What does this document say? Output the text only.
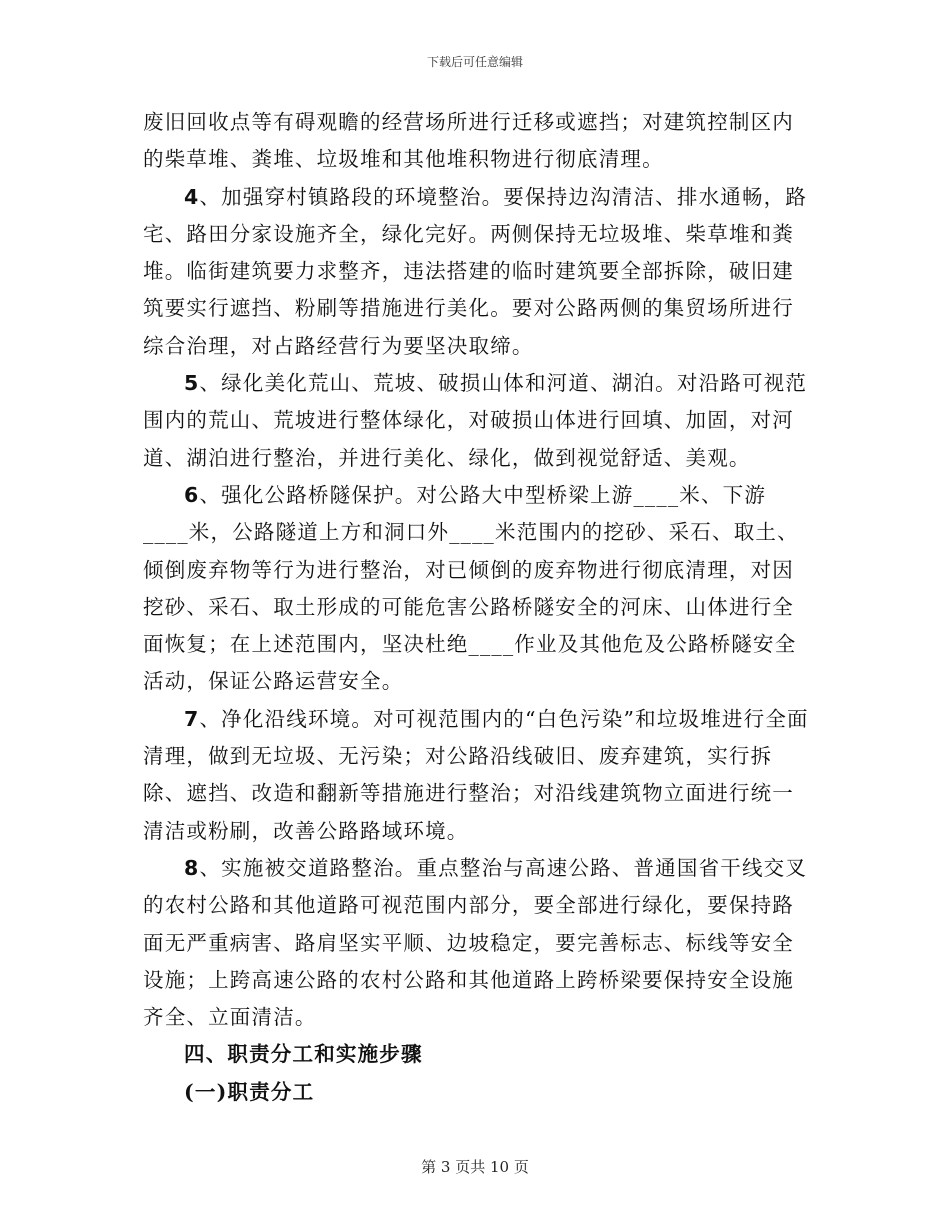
下载后可任意编辑

废旧回收点等有碍观瞻的经营场所进行迁移或遮挡；对建筑控制区内的柴草堆、粪堆、垃圾堆和其他堆积物进行彻底清理。

4、加强穿村镇路段的环境整治。要保持边沟清洁、排水通畅，路宅、路田分家设施齐全，绿化完好。两侧保持无垃圾堆、柴草堆和粪堆。临街建筑要力求整齐，违法搭建的临时建筑要全部拆除，破旧建筑要实行遮挡、粉刷等措施进行美化。要对公路两侧的集贸场所进行综合治理，对占路经营行为要坚决取缔。

5、绿化美化荒山、荒坡、破损山体和河道、湖泊。对沿路可视范围内的荒山、荒坡进行整体绿化，对破损山体进行回填、加固，对河道、湖泊进行整治，并进行美化、绿化，做到视觉舒适、美观。

6、强化公路桥隧保护。对公路大中型桥梁上游____米、下游____米，公路隧道上方和洞口外____米范围内的挖砂、采石、取土、倾倒废弃物等行为进行整治，对已倾倒的废弃物进行彻底清理，对因挖砂、采石、取土形成的可能危害公路桥隧安全的河床、山体进行全面恢复；在上述范围内，坚决杜绝____作业及其他危及公路桥隧安全活动，保证公路运营安全。

7、净化沿线环境。对可视范围内的“白色污染”和垃圾堆进行全面清理，做到无垃圾、无污染；对公路沿线破旧、废弃建筑，实行拆除、遮挡、改造和翻新等措施进行整治；对沿线建筑物立面进行统一清洁或粉刷，改善公路路域环境。

8、实施被交道路整治。重点整治与高速公路、普通国省干线交叉的农村公路和其他道路可视范围内部分，要全部进行绿化，要保持路面无严重病害、路肩坚实平顺、边坡稳定，要完善标志、标线等安全设施；上跨高速公路的农村公路和其他道路上跨桥梁要保持安全设施齐全、立面清洁。

四、职责分工和实施步骤

(一)职责分工

第 3 页共 10 页
